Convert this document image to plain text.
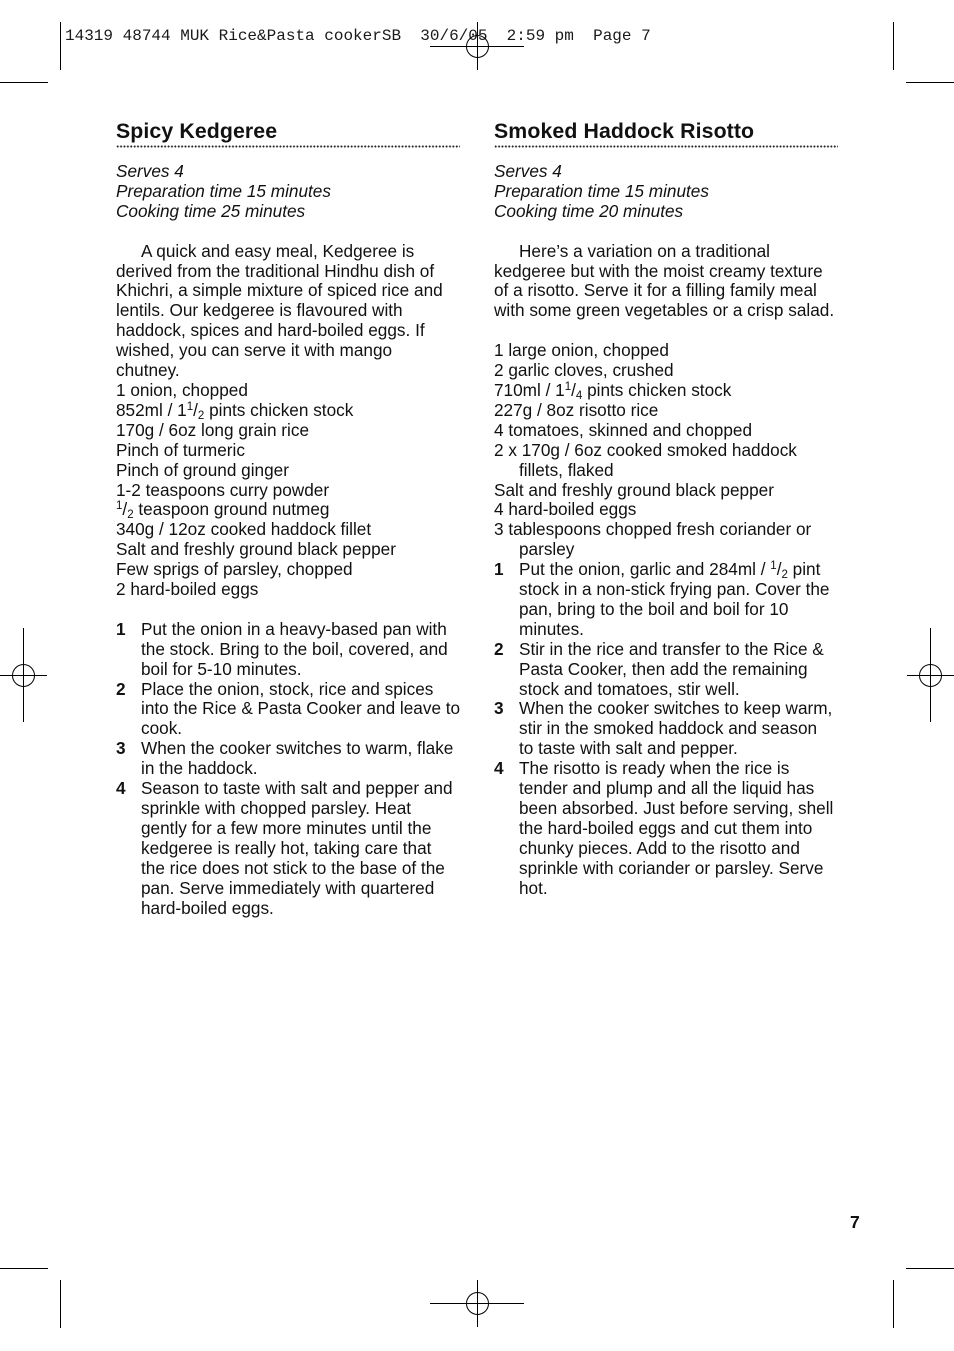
14319 48744 MUK Rice&Pasta cookerSB  30/6/05  2:59 pm  Page 7
Spicy Kedgeree
Serves 4
Preparation time 15 minutes
Cooking time 25 minutes
A quick and easy meal, Kedgeree is
derived from the traditional Hindhu dish of
Khichri, a simple mixture of spiced rice and
lentils. Our kedgeree is flavoured with
haddock, spices and hard-boiled eggs. If
wished, you can serve it with mango
chutney.
1 onion, chopped
$852ml / 1^1/_2$ pints chicken stock
170g / 6oz long grain rice
Pinch of turmeric
Pinch of ground ginger
1-2 teaspoons curry powder
$^1/_2$ teaspoon ground nutmeg
340g / 12oz cooked haddock fillet
Salt and freshly ground black pepper
Few sprigs of parsley, chopped
2 hard-boiled eggs
1 Put the onion in a heavy-based pan with
the stock. Bring to the boil, covered, and
boil for 5-10 minutes.
2 Place the onion, stock, rice and spices
into the Rice & Pasta Cooker and leave to
cook.
3 When the cooker switches to warm, flake
in the haddock.
4 Season to taste with salt and pepper and
sprinkle with chopped parsley. Heat
gently for a few more minutes until the
kedgeree is really hot, taking care that
the rice does not stick to the base of the
pan. Serve immediately with quartered
hard-boiled eggs.
Smoked Haddock Risotto
Serves 4
Preparation time 15 minutes
Cooking time 20 minutes
Here’s a variation on a traditional
kedgeree but with the moist creamy texture
of a risotto. Serve it for a filling family meal
with some green vegetables or a crisp salad.
1 large onion, chopped
2 garlic cloves, crushed
$710ml / 1^1/_4$ pints chicken stock
227g / 8oz risotto rice
4 tomatoes, skinned and chopped
2 x 170g / 6oz cooked smoked haddock
fillets, flaked
Salt and freshly ground black pepper
4 hard-boiled eggs
3 tablespoons chopped fresh coriander or
parsley
1 Put the onion, garlic and $284ml / ^1/_2$ pint
stock in a non-stick frying pan. Cover the
pan, bring to the boil and boil for 10
minutes.
2 Stir in the rice and transfer to the Rice &
Pasta Cooker, then add the remaining
stock and tomatoes, stir well.
3 When the cooker switches to keep warm,
stir in the smoked haddock and season
to taste with salt and pepper.
4 The risotto is ready when the rice is
tender and plump and all the liquid has
been absorbed. Just before serving, shell
the hard-boiled eggs and cut them into
chunky pieces. Add to the risotto and
sprinkle with coriander or parsley. Serve
hot.
7
